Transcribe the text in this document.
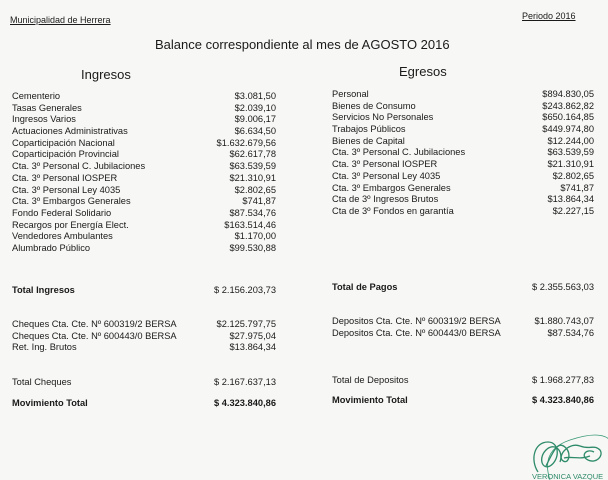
Municipalidad de Herrera	Periodo 2016
Balance correspondiente al mes de AGOSTO 2016
Ingresos	Egresos
Cementerio	$3.081,50
Tasas Generales	$2.039,10
Ingresos Varios	$9.006,17
Actuaciones Administrativas	$6.634,50
Coparticipación Nacional	$1.632.679,56
Coparticipación Provincial	$62.617,78
Cta. 3º Personal C. Jubilaciones	$63.539,59
Cta. 3º Personal IOSPER	$21.310,91
Cta. 3º Personal Ley 4035	$2.802,65
Cta. 3º Embargos Generales	$741,87
Fondo Federal Solidario	$87.534,76
Recargos por Energía Elect.	$163.514,46
Vendedores Ambulantes	$1.170,00
Alumbrado Público	$99.530,88
Total Ingresos	$ 2.156.203,73
Cheques Cta. Cte. Nº 600319/2 BERSA	$2.125.797,75
Cheques Cta. Cte. Nº 600443/0 BERSA	$27.975,04
Ret. Ing. Brutos	$13.864,34
Total Cheques	$ 2.167.637,13
Movimiento Total	$ 4.323.840,86
Personal	$894.830,05
Bienes de Consumo	$243.862,82
Servicios No Personales	$650.164,85
Trabajos Públicos	$449.974,80
Bienes de Capital	$12.244,00
Cta. 3º Personal C. Jubilaciones	$63.539,59
Cta. 3º Personal IOSPER	$21.310,91
Cta. 3º Personal Ley 4035	$2.802,65
Cta. 3º Embargos Generales	$741,87
Cta de 3º Ingresos Brutos	$13.864,34
Cta de 3º Fondos en garantía	$2.227,15
Total de Pagos	$ 2.355.563,03
Depositos Cta. Cte. Nº 600319/2 BERSA	$1.880.743,07
Depositos Cta. Cte. Nº 600443/0 BERSA	$87.534,76
Total de Depositos	$ 1.968.277,83
Movimiento Total	$ 4.323.840,86
VERONICA VAZQUE
